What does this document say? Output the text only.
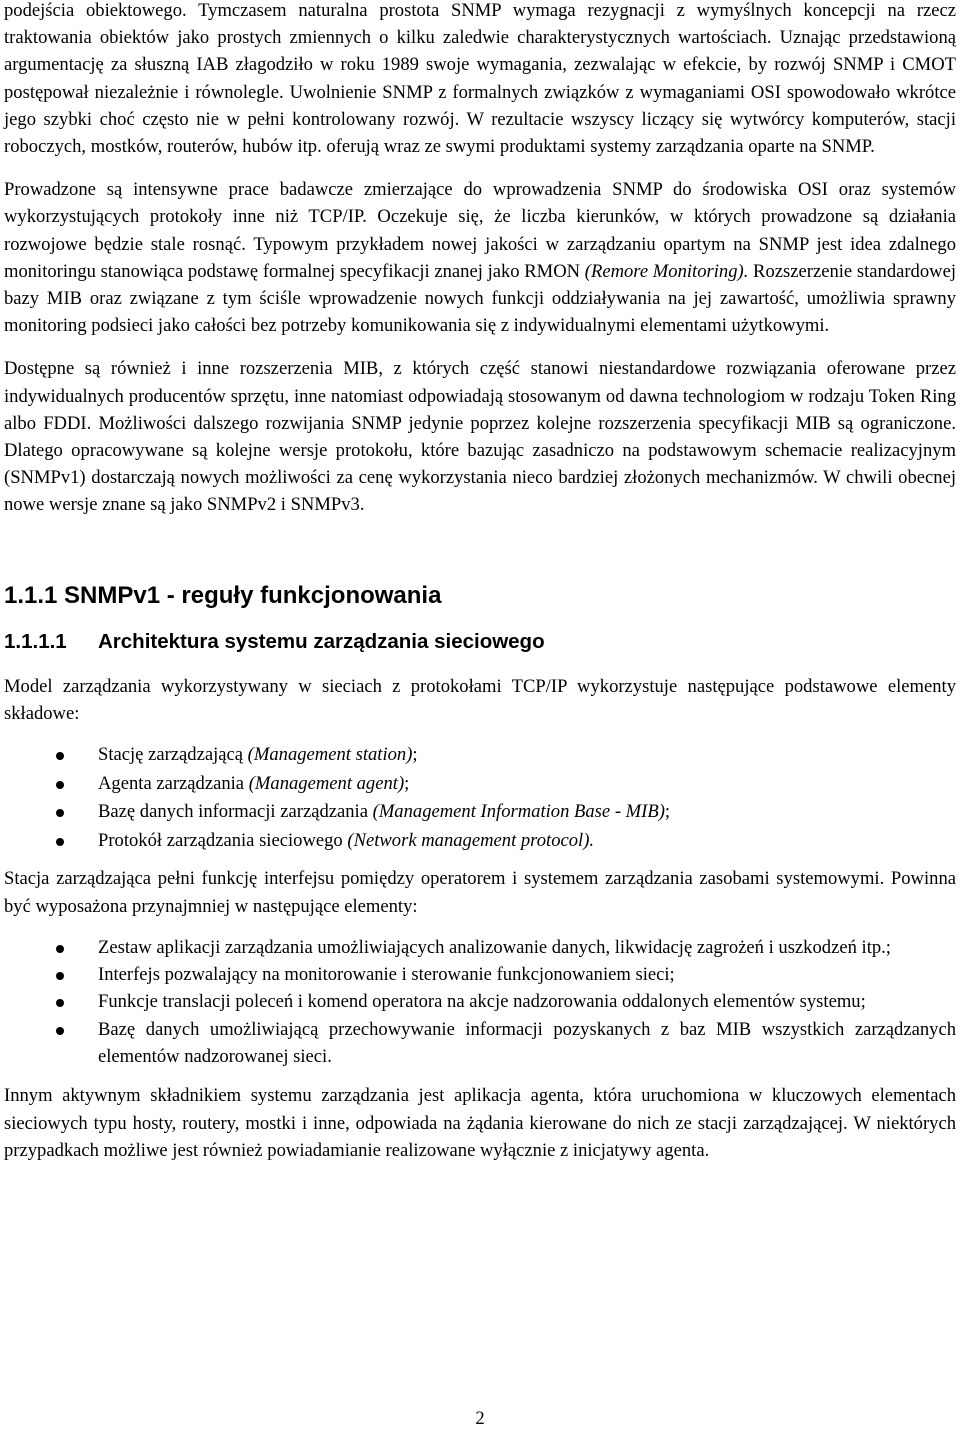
podejścia obiektowego. Tymczasem naturalna prostota SNMP wymaga rezygnacji z wymyślnych koncepcji na rzecz traktowania obiektów jako prostych zmiennych o kilku zaledwie charakterystycznych wartościach. Uznając przedstawioną argumentację za słuszną IAB złagodziło w roku 1989 swoje wymagania, zezwalając w efekcie, by rozwój SNMP i CMOT postępował niezależnie i równolegle. Uwolnienie SNMP z formalnych związków z wymaganiami OSI spowodowało wkrótce jego szybki choć często nie w pełni kontrolowany rozwój. W rezultacie wszyscy liczący się wytwórcy komputerów, stacji roboczych, mostków, routerów, hubów itp. oferują wraz ze swymi produktami systemy zarządzania oparte na SNMP.

Prowadzone są intensywne prace badawcze zmierzające do wprowadzenia SNMP do środowiska OSI oraz systemów wykorzystujących protokoły inne niż TCP/IP. Oczekuje się, że liczba kierunków, w których prowadzone są działania rozwojowe będzie stale rosnąć. Typowym przykładem nowej jakości w zarządzaniu opartym na SNMP jest idea zdalnego monitoringu stanowiąca podstawę formalnej specyfikacji znanej jako RMON (Remore Monitoring). Rozszerzenie standardowej bazy MIB oraz związane z tym ściśle wprowadzenie nowych funkcji oddziaływania na jej zawartość, umożliwia sprawny monitoring podsieci jako całości bez potrzeby komunikowania się z indywidualnymi elementami użytkowymi.

Dostępne są również i inne rozszerzenia MIB, z których część stanowi niestandardowe rozwiązania oferowane przez indywidualnych producentów sprzętu, inne natomiast odpowiadają stosowanym od dawna technologiom w rodzaju Token Ring albo FDDI. Możliwości dalszego rozwijania SNMP jedynie poprzez kolejne rozszerzenia specyfikacji MIB są ograniczone. Dlatego opracowywane są kolejne wersje protokołu, które bazując zasadniczo na podstawowym schemacie realizacyjnym (SNMPv1) dostarczają nowych możliwości za cenę wykorzystania nieco bardziej złożonych mechanizmów. W chwili obecnej nowe wersje znane są jako SNMPv2 i SNMPv3.

1.1.1 SNMPv1 - reguły funkcjonowania
1.1.1.1 Architektura systemu zarządzania sieciowego

Model zarządzania wykorzystywany w sieciach z protokołami TCP/IP wykorzystuje następujące podstawowe elementy składowe:

Stację zarządzającą (Management station);
Agenta zarządzania (Management agent);
Bazę danych informacji zarządzania (Management Information Base - MIB);
Protokół zarządzania sieciowego (Network management protocol).

Stacja zarządzająca pełni funkcję interfejsu pomiędzy operatorem i systemem zarządzania zasobami systemowymi. Powinna być wyposażona przynajmniej w następujące elementy:

Zestaw aplikacji zarządzania umożliwiających analizowanie danych, likwidację zagrożeń i uszkodzeń itp.;
Interfejs pozwalający na monitorowanie i sterowanie funkcjonowaniem sieci;
Funkcje translacji poleceń i komend operatora na akcje nadzorowania oddalonych elementów systemu;
Bazę danych umożliwiającą przechowywanie informacji pozyskanych z baz MIB wszystkich zarządzanych elementów nadzorowanej sieci.

Innym aktywnym składnikiem systemu zarządzania jest aplikacja agenta, która uruchomiona w kluczowych elementach sieciowych typu hosty, routery, mostki i inne, odpowiada na żądania kierowane do nich ze stacji zarządzającej. W niektórych przypadkach możliwe jest również powiadamianie realizowane wyłącznie z inicjatywy agenta.

2
